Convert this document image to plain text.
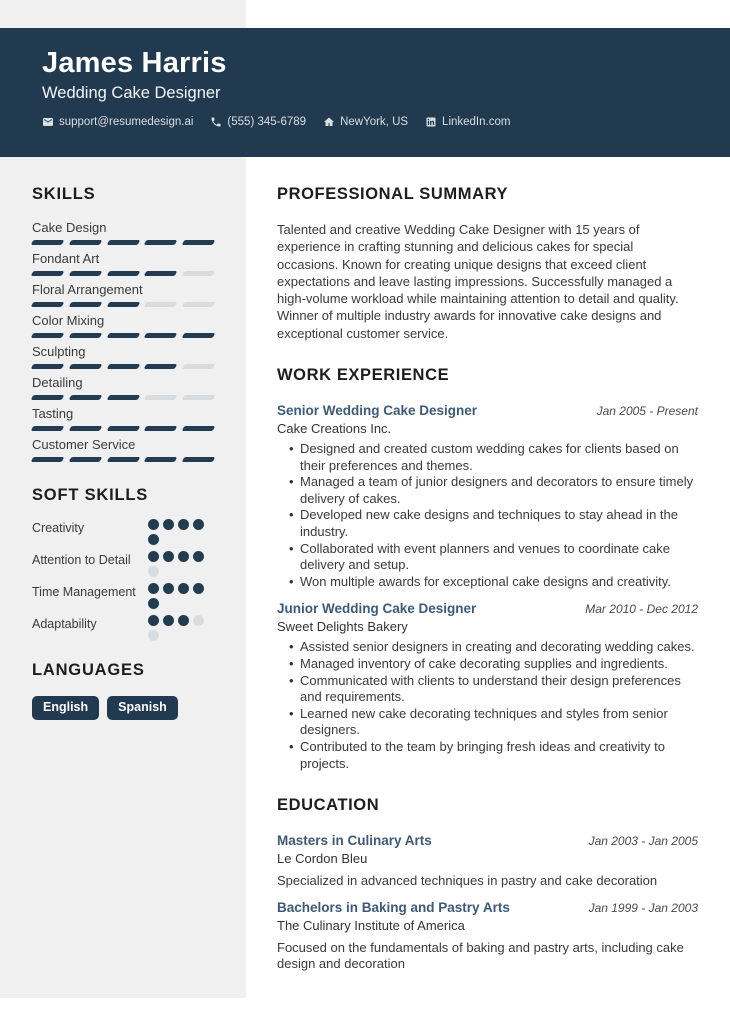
James Harris
Wedding Cake Designer
support@resumedesign.ai	(555) 345-6789	NewYork, US	LinkedIn.com
SKILLS
Cake Design
Fondant Art
Floral Arrangement
Color Mixing
Sculpting
Detailing
Tasting
Customer Service
SOFT SKILLS
Creativity
Attention to Detail
Time Management
Adaptability
LANGUAGES
English	Spanish
PROFESSIONAL SUMMARY

Talented and creative Wedding Cake Designer with 15 years of experience in crafting stunning and delicious cakes for special occasions. Known for creating unique designs that exceed client expectations and leave lasting impressions. Successfully managed a high-volume workload while maintaining attention to detail and quality. Winner of multiple industry awards for innovative cake designs and exceptional customer service.

WORK EXPERIENCE
Senior Wedding Cake Designer	Jan 2005 - Present
Cake Creations Inc.
• Designed and created custom wedding cakes for clients based on their preferences and themes.
• Managed a team of junior designers and decorators to ensure timely delivery of cakes.
• Developed new cake designs and techniques to stay ahead in the industry.
• Collaborated with event planners and venues to coordinate cake delivery and setup.
• Won multiple awards for exceptional cake designs and creativity.
Junior Wedding Cake Designer	Mar 2010 - Dec 2012
Sweet Delights Bakery
• Assisted senior designers in creating and decorating wedding cakes.
• Managed inventory of cake decorating supplies and ingredients.
• Communicated with clients to understand their design preferences and requirements.
• Learned new cake decorating techniques and styles from senior designers.
• Contributed to the team by bringing fresh ideas and creativity to projects.
EDUCATION
Masters in Culinary Arts	Jan 2003 - Jan 2005
Le Cordon Bleu

Specialized in advanced techniques in pastry and cake decoration

Bachelors in Baking and Pastry Arts	Jan 1999 - Jan 2003
The Culinary Institute of America

Focused on the fundamentals of baking and pastry arts, including cake design and decoration
